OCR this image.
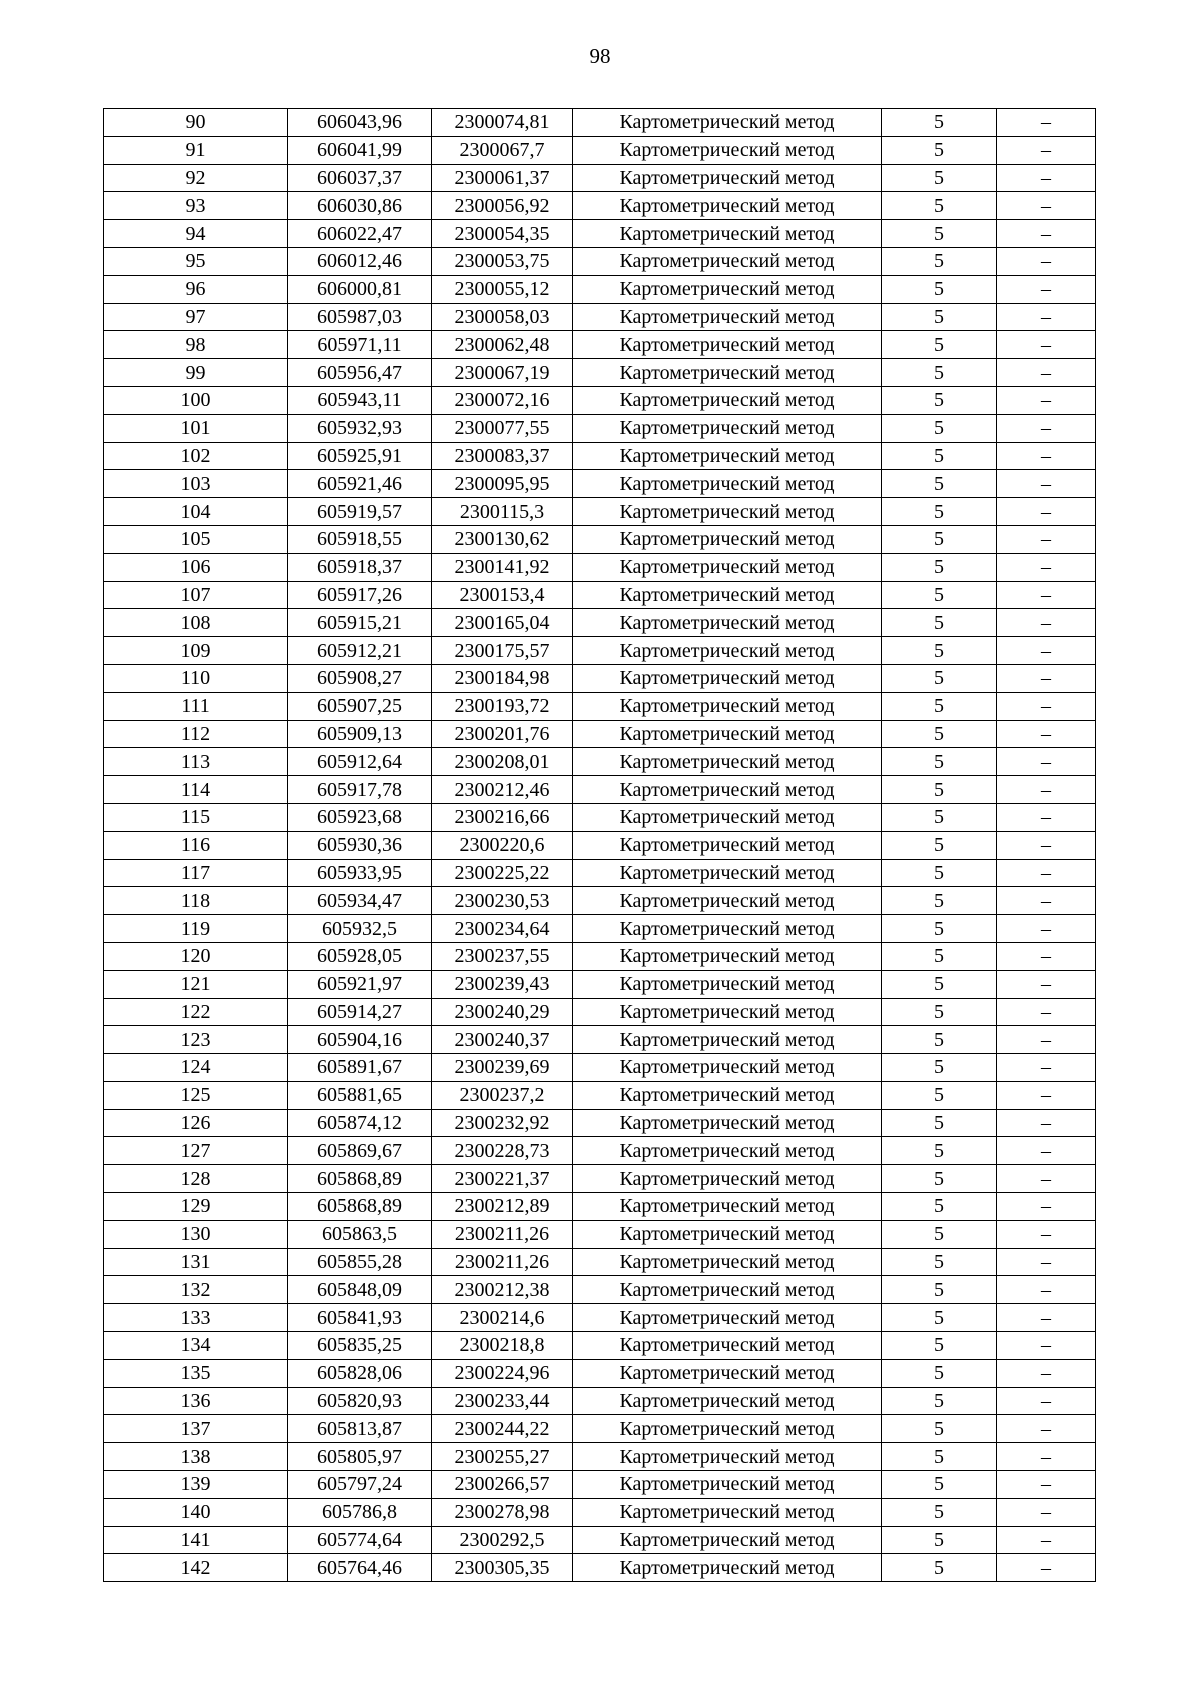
98
90	606043,96	2300074,81	Картометрический метод	5	–
91	606041,99	2300067,7	Картометрический метод	5	–
92	606037,37	2300061,37	Картометрический метод	5	–
93	606030,86	2300056,92	Картометрический метод	5	–
94	606022,47	2300054,35	Картометрический метод	5	–
95	606012,46	2300053,75	Картометрический метод	5	–
96	606000,81	2300055,12	Картометрический метод	5	–
97	605987,03	2300058,03	Картометрический метод	5	–
98	605971,11	2300062,48	Картометрический метод	5	–
99	605956,47	2300067,19	Картометрический метод	5	–
100	605943,11	2300072,16	Картометрический метод	5	–
101	605932,93	2300077,55	Картометрический метод	5	–
102	605925,91	2300083,37	Картометрический метод	5	–
103	605921,46	2300095,95	Картометрический метод	5	–
104	605919,57	2300115,3	Картометрический метод	5	–
105	605918,55	2300130,62	Картометрический метод	5	–
106	605918,37	2300141,92	Картометрический метод	5	–
107	605917,26	2300153,4	Картометрический метод	5	–
108	605915,21	2300165,04	Картометрический метод	5	–
109	605912,21	2300175,57	Картометрический метод	5	–
110	605908,27	2300184,98	Картометрический метод	5	–
111	605907,25	2300193,72	Картометрический метод	5	–
112	605909,13	2300201,76	Картометрический метод	5	–
113	605912,64	2300208,01	Картометрический метод	5	–
114	605917,78	2300212,46	Картометрический метод	5	–
115	605923,68	2300216,66	Картометрический метод	5	–
116	605930,36	2300220,6	Картометрический метод	5	–
117	605933,95	2300225,22	Картометрический метод	5	–
118	605934,47	2300230,53	Картометрический метод	5	–
119	605932,5	2300234,64	Картометрический метод	5	–
120	605928,05	2300237,55	Картометрический метод	5	–
121	605921,97	2300239,43	Картометрический метод	5	–
122	605914,27	2300240,29	Картометрический метод	5	–
123	605904,16	2300240,37	Картометрический метод	5	–
124	605891,67	2300239,69	Картометрический метод	5	–
125	605881,65	2300237,2	Картометрический метод	5	–
126	605874,12	2300232,92	Картометрический метод	5	–
127	605869,67	2300228,73	Картометрический метод	5	–
128	605868,89	2300221,37	Картометрический метод	5	–
129	605868,89	2300212,89	Картометрический метод	5	–
130	605863,5	2300211,26	Картометрический метод	5	–
131	605855,28	2300211,26	Картометрический метод	5	–
132	605848,09	2300212,38	Картометрический метод	5	–
133	605841,93	2300214,6	Картометрический метод	5	–
134	605835,25	2300218,8	Картометрический метод	5	–
135	605828,06	2300224,96	Картометрический метод	5	–
136	605820,93	2300233,44	Картометрический метод	5	–
137	605813,87	2300244,22	Картометрический метод	5	–
138	605805,97	2300255,27	Картометрический метод	5	–
139	605797,24	2300266,57	Картометрический метод	5	–
140	605786,8	2300278,98	Картометрический метод	5	–
141	605774,64	2300292,5	Картометрический метод	5	–
142	605764,46	2300305,35	Картометрический метод	5	–
